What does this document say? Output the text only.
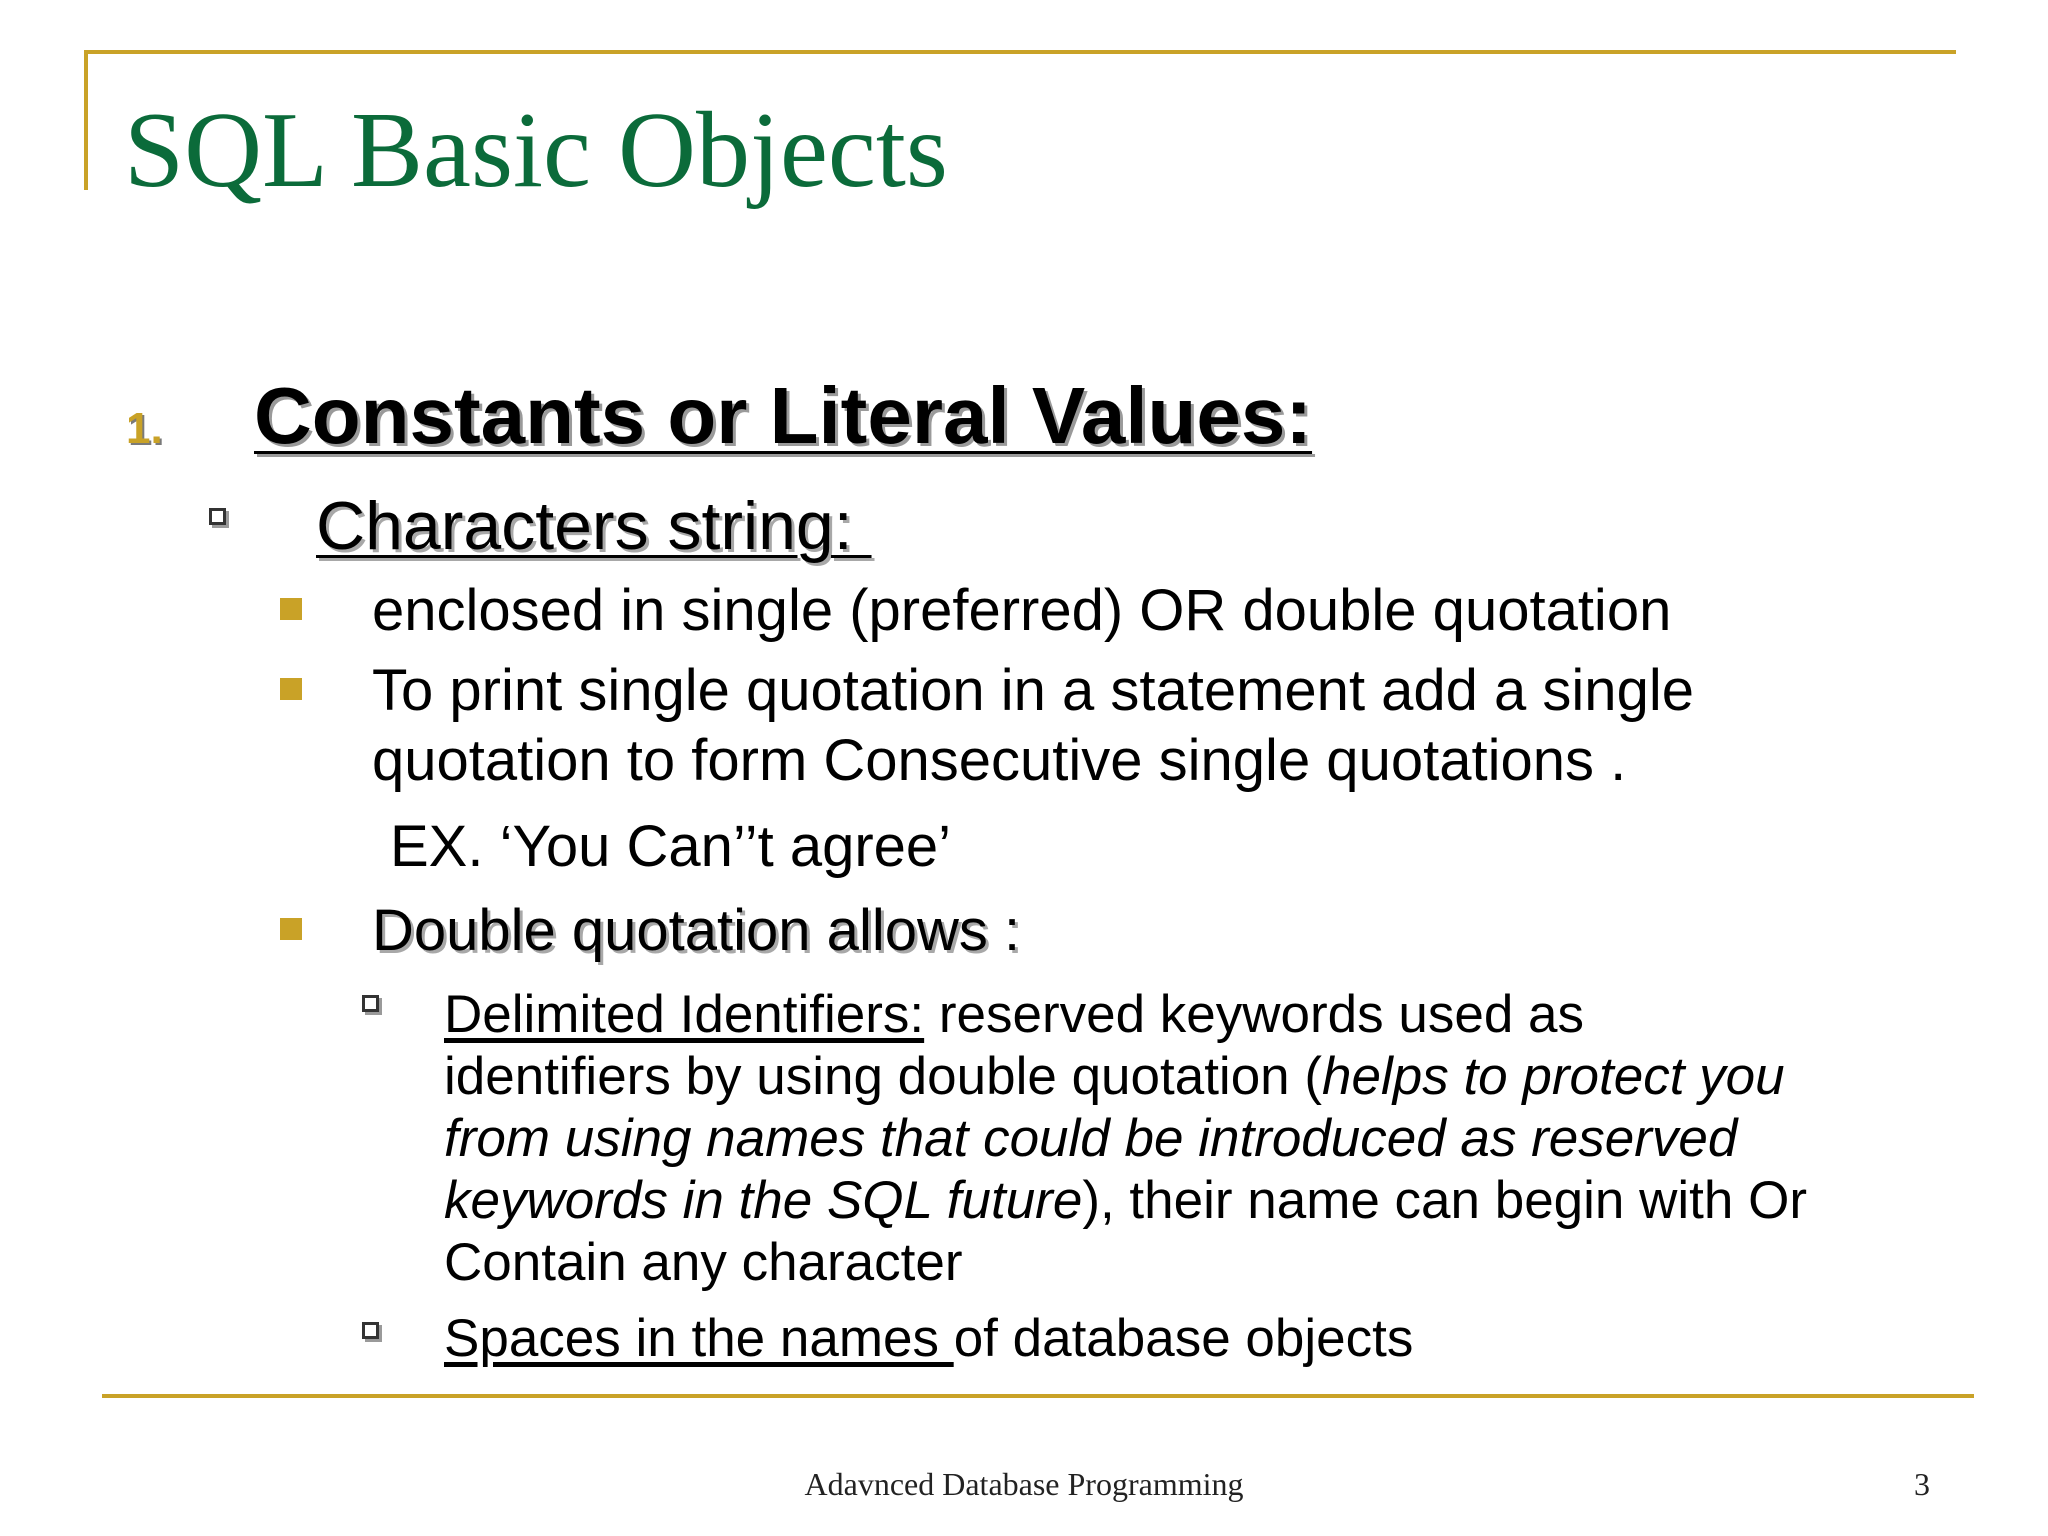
SQL Basic Objects
1. Constants or Literal Values:
Characters string:
enclosed in single (preferred) OR double quotation
To print single quotation in a statement add a single
quotation to form Consecutive single quotations .
EX. ‘You Can’’t agree’
Double quotation allows :
Delimited Identifiers: reserved keywords used as
identifiers by using double quotation (helps to protect you
from using names that could be introduced as reserved
keywords in the SQL future), their name can begin with Or
Contain any character
Spaces in the names of database objects
Adavnced Database Programming	3
